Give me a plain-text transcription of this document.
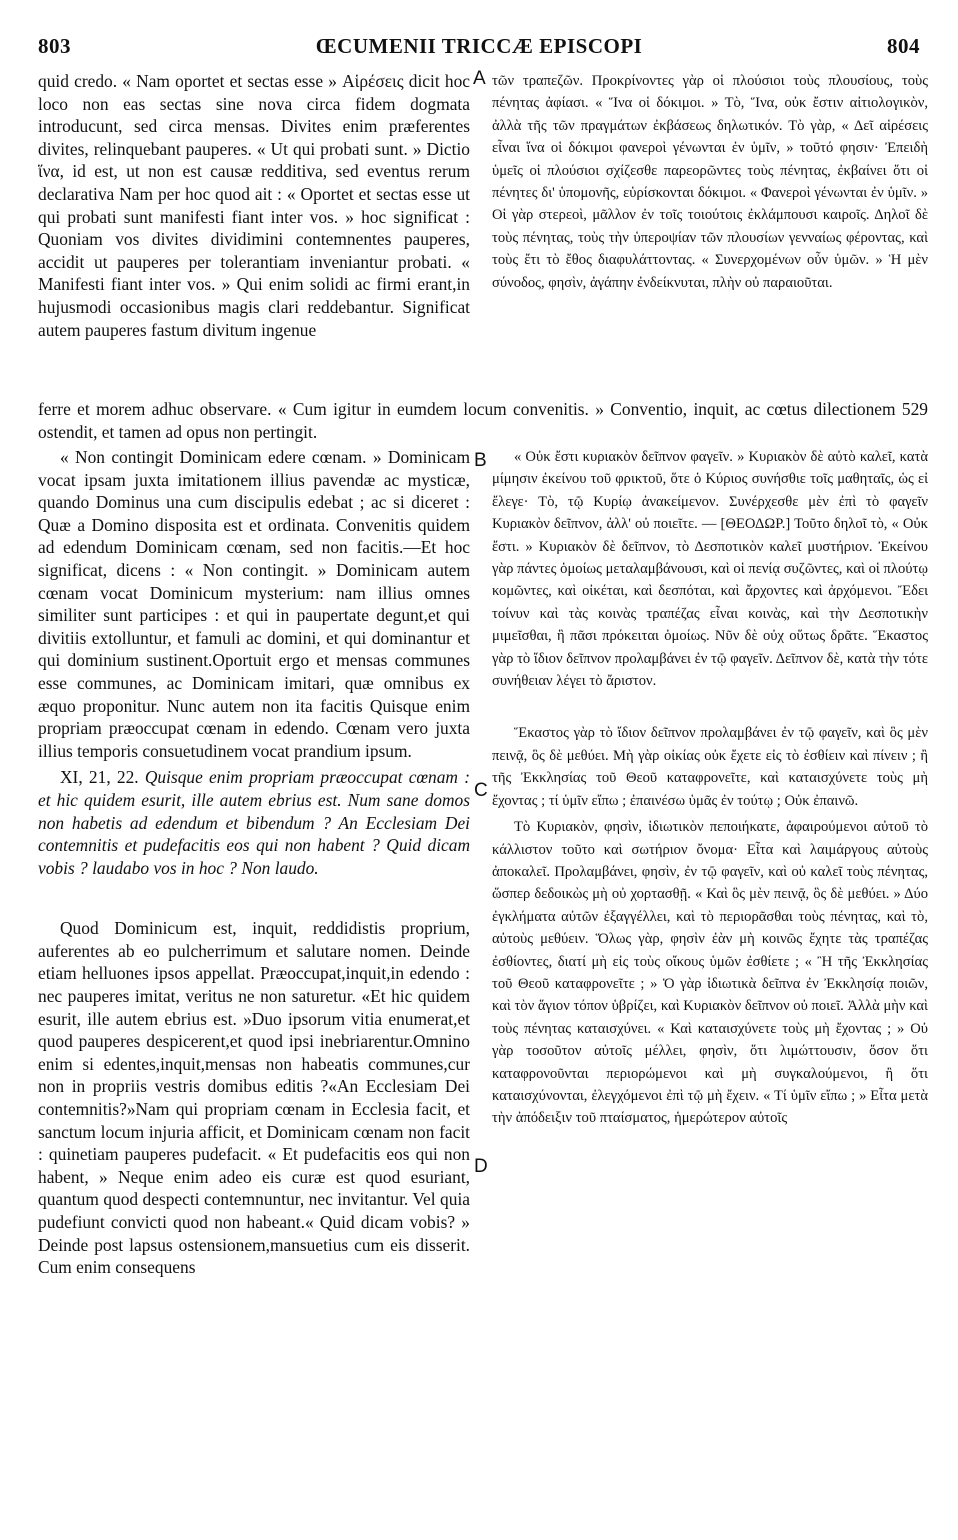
803	ŒCUMENII TRICCÆ EPISCOPI	804

quid credo. « Nam oportet et sectas esse » Αἱρέσεις dicit hoc loco non eas sectas sine nova circa fidem dogmata introducunt, sed circa mensas. Divites enim præferentes divites, relinquebant pauperes. « Ut qui probati sunt. » Dictio ἵνα, id est, ut non est causæ redditiva, sed eventus rerum declarativa Nam per hoc quod ait : « Oportet et sectas esse ut qui probati sunt manifesti fiant inter vos. » hoc significat : Quoniam vos divites dividimini contemnentes pauperes, accidit ut pauperes per tolerantiam inveniantur probati. « Manifesti fiant inter vos. » Qui enim solidi ac firmi erant,in hujusmodi occasionibus magis clari reddebantur. Significat autem pauperes fastum divitum ingenue

τῶν τραπεζῶν. Προκρίνοντες γὰρ οἱ πλούσιοι τοὺς πλουσίους, τοὺς πένητας ἀφίασι. « Ἵνα οἱ δόκιμοι. » Τὸ, Ἵνα, οὐκ ἔστιν αἰτιολογικὸν, ἀλλὰ τῆς τῶν πραγμάτων ἐκβάσεως δηλωτικόν. Τὸ γὰρ, « Δεῖ αἱρέσεις εἶναι ἵνα οἱ δόκιμοι φανεροὶ γένωνται ἐν ὑμῖν, » τοῦτό φησιν· Ἐπειδὴ ὑμεῖς οἱ πλούσιοι σχίζεσθε παρεορῶντες τοὺς πένητας, ἐκβαίνει ὅτι οἱ πένητες δι' ὑπομονῆς, εὑρίσκονται δόκιμοι. « Φανεροὶ γένωνται ἐν ὑμῖν. » Οἱ γὰρ στερεοὶ, μᾶλλον ἐν τοῖς τοιούτοις ἐκλάμπουσι καιροῖς. Δηλοῖ δὲ τοὺς πένητας, τοὺς τὴν ὑπεροψίαν τῶν πλουσίων γενναίως φέροντας, καὶ τοὺς ἔτι τὸ ἔθος διαφυλάττοντας. « Συνερχομένων οὖν ὑμῶν. » Ἡ μὲν σύνοδος, φησὶν, ἀγάπην ἐνδείκνυται, πλὴν οὐ παραιοῦται.

ferre et morem adhuc observare. « Cum igitur in eumdem locum convenitis. » Conventio, inquit, ac cœtus dilectionem 529 ostendit, et tamen ad opus non pertingit.
A
B
C
D

« Non contingit Dominicam edere cœnam. » Dominicam vocat ipsam juxta imitationem illius pavendæ ac mysticæ, quando Dominus una cum discipulis edebat ; ac si diceret : Quæ a Domino disposita est et ordinata. Convenitis quidem ad edendum Dominicam cœnam, sed non facitis.—Et hoc significat, dicens : « Non contingit. » Dominicam autem cœnam vocat Dominicum mysterium: nam illius omnes similiter sunt participes : et qui in paupertate degunt,et qui divitiis extolluntur, et famuli ac domini, et qui dominantur et qui dominium sustinent.Oportuit ergo et mensas communes esse communes, ac Dominicam imitari, quæ omnibus ex æquo proponitur. Nunc autem non ita facitis Quisque enim propriam præoccupat cœnam in edendo. Cœnam vero juxta illius temporis consuetudinem vocat prandium ipsum.

XI, 21, 22. Quisque enim propriam præoccupat cœnam : et hic quidem esurit, ille autem ebrius est. Num sane domos non habetis ad edendum et bibendum ? An Ecclesiam Dei contemnitis et pudefacitis eos qui non habent ? Quid dicam vobis ? laudabo vos in hoc ? Non laudo.

Quod Dominicum est, inquit, reddidistis proprium, auferentes ab eo pulcherrimum et salutare nomen. Deinde etiam helluones ipsos appellat. Præoccupat,inquit,in edendo : nec pauperes imitat, veritus ne non saturetur. «Et hic quidem esurit, ille autem ebrius est. »Duo ipsorum vitia enumerat,et quod pauperes despicerent,et quod ipsi inebriarentur.Omnino enim si edentes,inquit,mensas non habeatis communes,cur non in propriis vestris domibus editis ?«An Ecclesiam Dei contemnitis?»Nam qui propriam cœnam in Ecclesia facit, et sanctum locum injuria afficit, et Dominicam cœnam non facit : quinetiam pauperes pudefacit. « Et pudefacitis eos qui non habent, » Neque enim adeo eis curæ est quod esuriant, quantum quod despecti contemnuntur, nec invitantur. Vel quia pudefiunt convicti quod non habeant.« Quid dicam vobis? » Deinde post lapsus ostensionem,mansuetius cum eis disserit. Cum enim consequens

« Οὐκ ἔστι κυριακὸν δεῖπνον φαγεῖν. » Κυριακὸν δὲ αὐτὸ καλεῖ, κατὰ μίμησιν ἐκείνου τοῦ φρικτοῦ, ὅτε ὁ Κύριος συνήσθιε τοῖς μαθηταῖς, ὡς εἰ ἔλεγε· Τὸ, τῷ Κυρίῳ ἀνακείμενον. Συνέρχεσθε μὲν ἐπὶ τὸ φαγεῖν Κυριακὸν δεῖπνον, ἀλλ' οὐ ποιεῖτε. — [ΘΕΟΔΩΡ.] Τοῦτο δηλοῖ τὸ, « Οὐκ ἔστι. » Κυριακὸν δὲ δεῖπνον, τὸ Δεσποτικὸν καλεῖ μυστήριον. Ἐκείνου γὰρ πάντες ὁμοίως μεταλαμβάνουσι, καὶ οἱ πενίᾳ συζῶντες, καὶ οἱ πλούτῳ κομῶντες, καὶ οἰκέται, καὶ δεσπόται, καὶ ἄρχοντες καὶ ἀρχόμενοι. Ἔδει τοίνυν καὶ τὰς κοινὰς τραπέζας εἶναι κοινὰς, καὶ τὴν Δεσποτικὴν μιμεῖσθαι, ἣ πᾶσι πρόκειται ὁμοίως. Νῦν δὲ οὐχ οὕτως δρᾶτε. Ἕκαστος γὰρ τὸ ἴδιον δεῖπνον προλαμβάνει ἐν τῷ φαγεῖν. Δεῖπνον δὲ, κατὰ τὴν τότε συνήθειαν λέγει τὸ ἄριστον.

Ἕκαστος γὰρ τὸ ἴδιον δεῖπνον προλαμβάνει ἐν τῷ φαγεῖν, καὶ ὃς μὲν πεινᾷ, ὃς δὲ μεθύει. Μὴ γὰρ οἰκίας οὐκ ἔχετε εἰς τὸ ἐσθίειν καὶ πίνειν ; ἢ τῆς Ἐκκλησίας τοῦ Θεοῦ καταφρονεῖτε, καὶ καταισχύνετε τοὺς μὴ ἔχοντας ; τί ὑμῖν εἴπω ; ἐπαινέσω ὑμᾶς ἐν τούτῳ ; Οὐκ ἐπαινῶ.

Τὸ Κυριακὸν, φησὶν, ἰδιωτικὸν πεποιήκατε, ἀφαιρούμενοι αὐτοῦ τὸ κάλλιστον τοῦτο καὶ σωτήριον ὄνομα· Εἶτα καὶ λαιμάργους αὐτοὺς ἀποκαλεῖ. Προλαμβάνει, φησὶν, ἐν τῷ φαγεῖν, καὶ οὐ καλεῖ τοὺς πένητας, ὥσπερ δεδοικὼς μὴ οὐ χορτασθῇ. « Καὶ ὃς μὲν πεινᾷ, ὃς δὲ μεθύει. » Δύο ἐγκλήματα αὐτῶν ἐξαγγέλλει, καὶ τὸ περιορᾶσθαι τοὺς πένητας, καὶ τὸ, αὐτοὺς μεθύειν. Ὅλως γὰρ, φησὶν ἐὰν μὴ κοινῶς ἔχητε τὰς τραπέζας ἐσθίοντες, διατί μὴ εἰς τοὺς οἴκους ὑμῶν ἐσθίετε ; « Ἢ τῆς Ἐκκλησίας τοῦ Θεοῦ καταφρονεῖτε ; » Ὁ γὰρ ἰδιωτικὰ δεῖπνα ἐν Ἐκκλησίᾳ ποιῶν, καὶ τὸν ἅγιον τόπον ὑβρίζει, καὶ Κυριακὸν δεῖπνον οὐ ποιεῖ. Ἀλλὰ μὴν καὶ τοὺς πένητας καταισχύνει. « Καὶ καταισχύνετε τοὺς μὴ ἔχοντας ; » Οὐ γὰρ τοσοῦτον αὐτοῖς μέλλει, φησὶν, ὅτι λιμώττουσιν, ὅσον ὅτι καταφρονοῦνται περιορώμενοι καὶ μὴ συγκαλούμενοι, ἢ ὅτι καταισχύνονται, ἐλεγχόμενοι ἐπὶ τῷ μὴ ἔχειν. « Τί ὑμῖν εἴπω ; » Εἶτα μετὰ τὴν ἀπόδειξιν τοῦ πταίσματος, ἡμερώτερον αὐτοῖς
